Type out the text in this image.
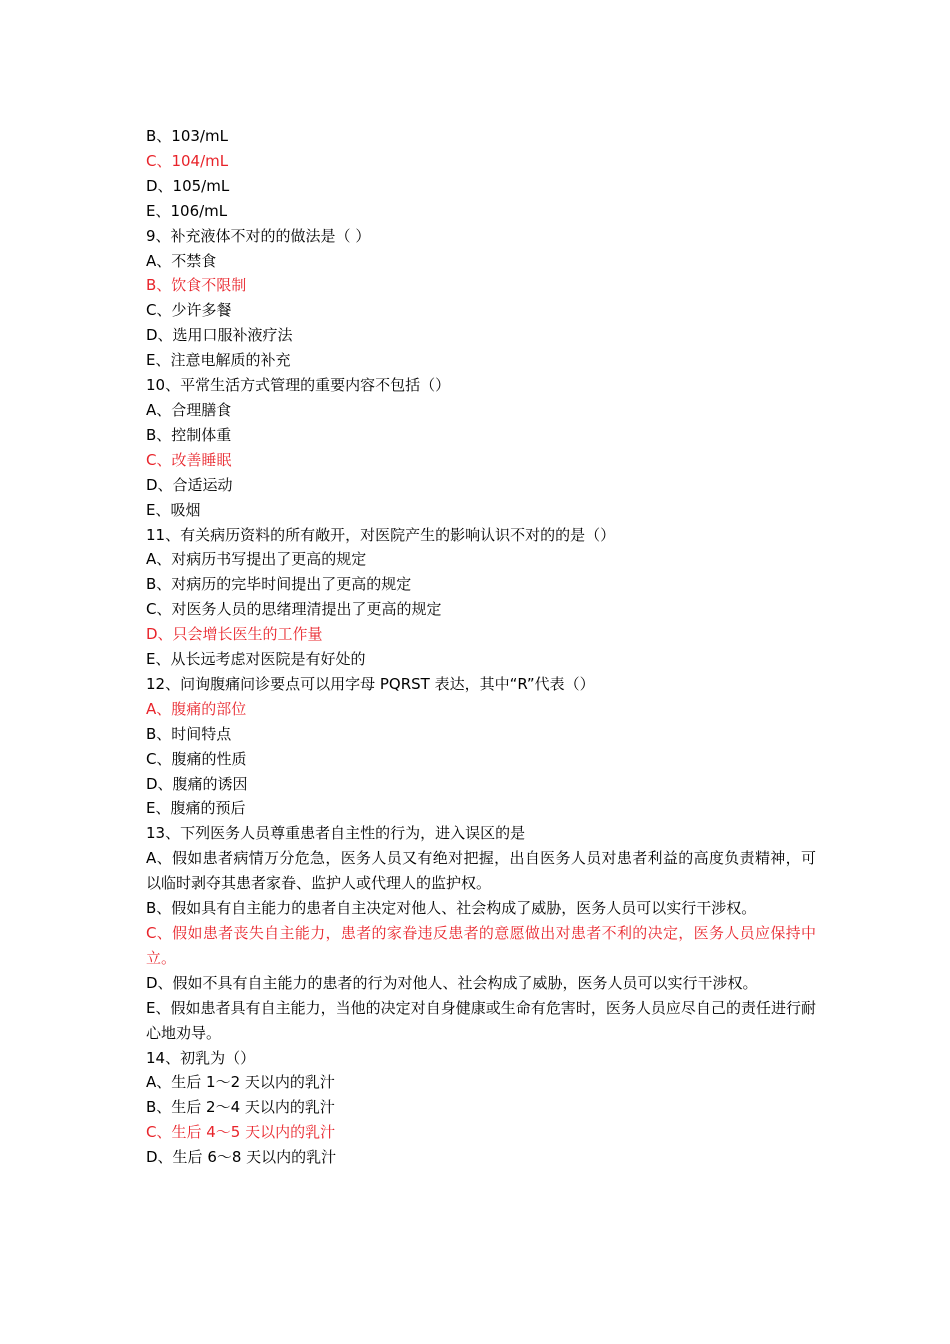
B、103/mL

C、104/mL

D、105/mL

E、106/mL

9、补充液体不对的的做法是（ ）

A、不禁食

B、饮食不限制

C、少许多餐

D、选用口服补液疗法

E、注意电解质的补充

10、平常生活方式管理的重要内容不包括（）

A、合理膳食

B、控制体重

C、改善睡眠

D、合适运动

E、吸烟

11、有关病历资料的所有敞开，对医院产生的影响认识不对的的是（）

A、对病历书写提出了更高的规定

B、对病历的完毕时间提出了更高的规定

C、对医务人员的思绪理清提出了更高的规定

D、只会增长医生的工作量

E、从长远考虑对医院是有好处的

12、问询腹痛问诊要点可以用字母 PQRST 表达，其中“R”代表（）

A、腹痛的部位

B、时间特点

C、腹痛的性质

D、腹痛的诱因

E、腹痛的预后

13、下列医务人员尊重患者自主性的行为，进入误区的是

A、假如患者病情万分危急，医务人员又有绝对把握，出自医务人员对患者利益的高度负责精神，可以临时剥夺其患者家眷、监护人或代理人的监护权。

B、假如具有自主能力的患者自主决定对他人、社会构成了威胁，医务人员可以实行干涉权。

C、假如患者丧失自主能力，患者的家眷违反患者的意愿做出对患者不利的决定，医务人员应保持中立。

D、假如不具有自主能力的患者的行为对他人、社会构成了威胁，医务人员可以实行干涉权。

E、假如患者具有自主能力，当他的决定对自身健康或生命有危害时，医务人员应尽自己的责任进行耐心地劝导。

14、初乳为（）

A、生后 1～2 天以内的乳汁

B、生后 2～4 天以内的乳汁

C、生后 4～5 天以内的乳汁

D、生后 6～8 天以内的乳汁
